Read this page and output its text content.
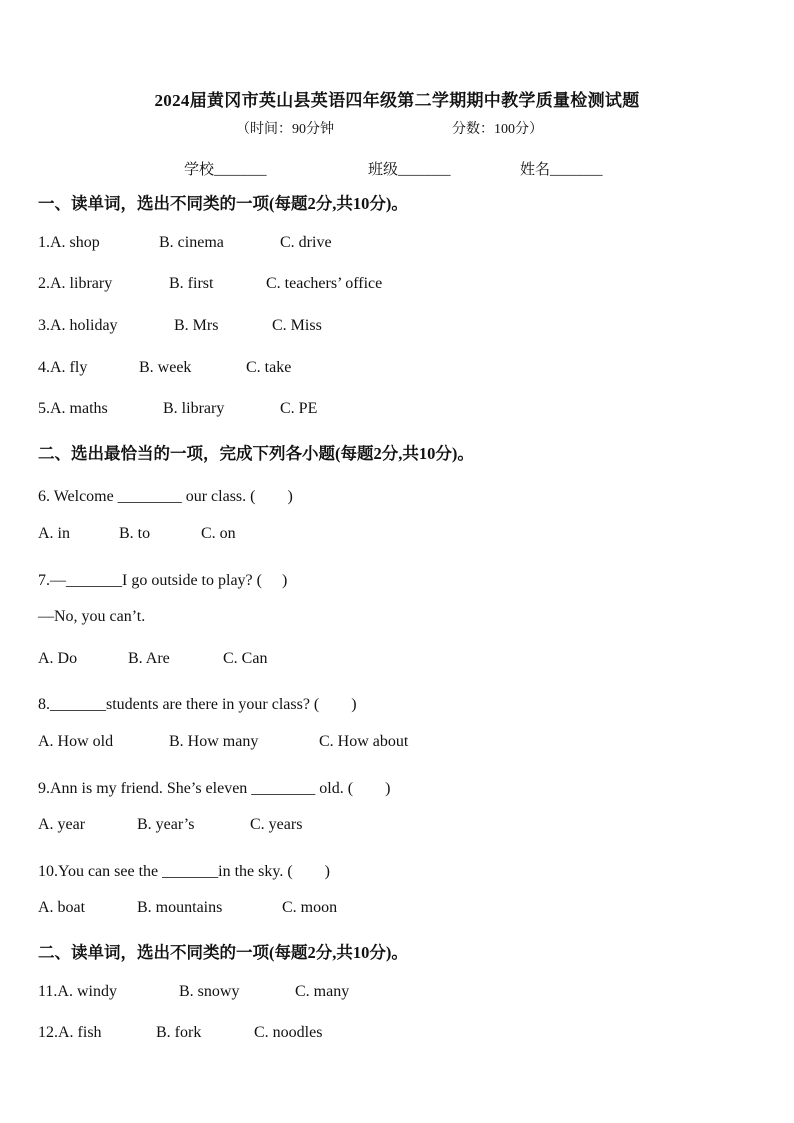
2024届黄冈市英山县英语四年级第二学期期中教学质量检测试题
（时间：90分钟	分数：100分）
学校_______	班级_______	姓名_______
一、读单词，选出不同类的一项(每题2分,共10分)。
1.A. shop	B. cinema	C. drive
2.A. library	B. first	C. teachers’ office
3.A. holiday	B. Mrs	C. Miss
4.A. fly	B. week	C. take
5.A. maths	B. library	C. PE
二、选出最恰当的一项，完成下列各小题(每题2分,共10分)。
6. Welcome ________ our class. (　　)
A. in	B. to	C. on
7.—_______I go outside to play? (　 )
—No, you can’t.
A. Do	B. Are	C. Can
8._______students are there in your class? (　　)
A. How old	B. How many	C. How about
9.Ann is my friend. She’s eleven ________ old. (　　)
A. year	B. year’s	C. years
10.You can see the _______in the sky. (　　)
A. boat	B. mountains	C. moon
二、读单词，选出不同类的一项(每题2分,共10分)。
11.A. windy	B. snowy	C. many
12.A. fish	B. fork	C. noodles
